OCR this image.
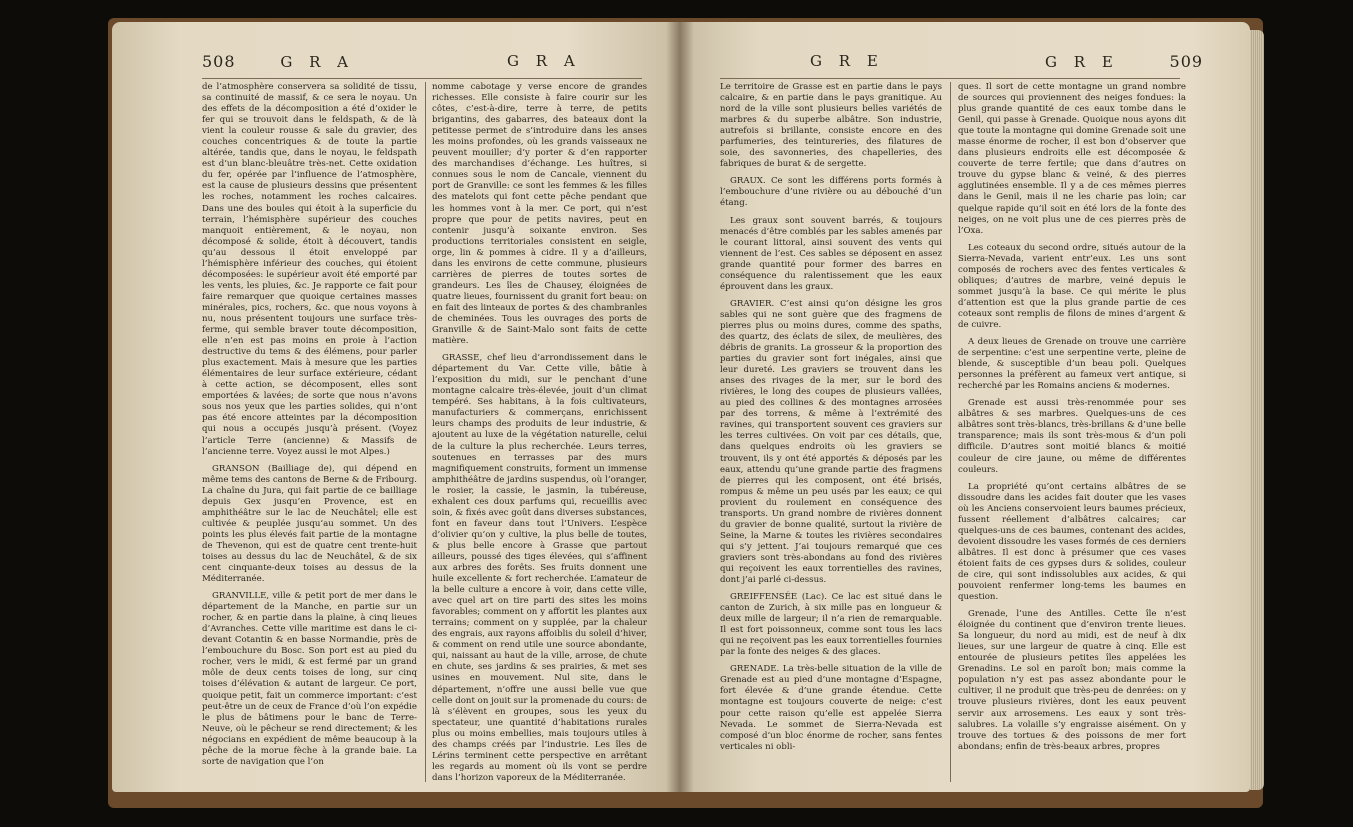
508	G R A	G R A

de l’atmosphère conservera sa solidité de tissu, sa continuité de massif, & ce sera le noyau. Un des effets de la décomposition a été d’oxider le fer qui se trouvoit dans le feldspath, & de là vient la couleur rousse & sale du gravier, des couches concentriques & de toute la partie altérée, tandis que, dans le noyau, le feldspath est d’un blanc-bleuâtre très-net. Cette oxidation du fer, opérée par l’influence de l’atmosphère, est la cause de plusieurs dessins que présentent les roches, notamment les roches calcaires. Dans une des boules qui étoit à la superficie du terrain, l’hémisphère supérieur des couches manquoit entièrement, & le noyau, non décomposé & solide, étoit à découvert, tandis qu’au dessous il étoit enveloppé par l’hémisphère inférieur des couches, qui étoient décomposées: le supérieur avoit été emporté par les vents, les pluies, &c. Je rapporte ce fait pour faire remarquer que quoique certaines masses minérales, pics, rochers, &c. que nous voyons à nu, nous présentent toujours une surface très-ferme, qui semble braver toute décomposition, elle n’en est pas moins en proie à l’action destructive du tems & des élémens, pour parler plus exactement. Mais à mesure que les parties élémentaires de leur surface extérieure, cédant à cette action, se décomposent, elles sont emportées & lavées; de sorte que nous n’avons sous nos yeux que les parties solides, qui n’ont pas été encore atteintes par la décomposition qui nous a occupés jusqu’à présent. (Voyez l’article Terre (ancienne) & Massifs de l’ancienne terre. Voyez aussi le mot Alpes.)

GRANSON (Bailliage de), qui dépend en même tems des cantons de Berne & de Fribourg. La chaîne du Jura, qui fait partie de ce bailliage depuis Gex jusqu’en Provence, est en amphithéâtre sur le lac de Neuchâtel; elle est cultivée & peuplée jusqu’au sommet. Un des points les plus élevés fait partie de la montagne de Thevenon, qui est de quatre cent trente-huit toises au dessus du lac de Neuchâtel, & de six cent cinquante-deux toises au dessus de la Méditerranée.

GRANVILLE, ville & petit port de mer dans le département de la Manche, en partie sur un rocher, & en partie dans la plaine, à cinq lieues d’Avranches. Cette ville maritime est dans le ci-devant Cotantin & en basse Normandie, près de l’embouchure du Bosc. Son port est au pied du rocher, vers le midi, & est fermé par un grand môle de deux cents toises de long, sur cinq toises d’élévation & autant de largeur. Ce port, quoique petit, fait un commerce important: c’est peut-être un de ceux de France d’où l’on expédie le plus de bâtimens pour le banc de Terre-Neuve, où le pêcheur se rend directement; & les négocians en expédient de même beaucoup à la pêche de la morue fèche à la grande baie. La sorte de navigation que l’on

nomme cabotage y verse encore de grandes richesses. Elle consiste à faire courir sur les côtes, c’est-à-dire, terre à terre, de petits brigantins, des gabarres, des bateaux dont la petitesse permet de s’introduire dans les anses les moins profondes, où les grands vaisseaux ne peuvent mouiller; d’y porter & d’en rapporter des marchandises d’échange. Les huîtres, si connues sous le nom de Cancale, viennent du port de Granville: ce sont les femmes & les filles des matelots qui font cette pêche pendant que les hommes vont à la mer. Ce port, qui n’est propre que pour de petits navires, peut en contenir jusqu’à soixante environ. Ses productions territoriales consistent en seigle, orge, lin & pommes à cidre. Il y a d’ailleurs, dans les environs de cette commune, plusieurs carrières de pierres de toutes sortes de grandeurs. Les îles de Chausey, éloignées de quatre lieues, fournissent du granit fort beau: on en fait des linteaux de portes & des chambranles de cheminées. Tous les ouvrages des ports de Granville & de Saint-Malo sont faits de cette matière.

GRASSE, chef lieu d’arrondissement dans le département du Var. Cette ville, bâtie à l’exposition du midi, sur le penchant d’une montagne calcaire très-élevée, jouit d’un climat tempéré. Ses habitans, à la fois cultivateurs, manufacturiers & commerçans, enrichissent leurs champs des produits de leur industrie, & ajoutent au luxe de la végétation naturelle, celui de la culture la plus recherchée. Leurs terres, soutenues en terrasses par des murs magnifiquement construits, forment un immense amphithéâtre de jardins suspendus, où l’oranger, le rosier, la cassie, le jasmin, la tubéreuse, exhalent ces doux parfums qui, recueillis avec soin, & fixés avec goût dans diverses substances, font en faveur dans tout l’Univers. L’espèce d’olivier qu’on y cultive, la plus belle de toutes, & plus belle encore à Grasse que partout ailleurs, poussé des tiges élevées, qui s’affinent aux arbres des forêts. Ses fruits donnent une huile excellente & fort recherchée. L’amateur de la belle culture a encore à voir, dans cette ville, avec quel art on tire parti des sites les moins favorables; comment on y affortit les plantes aux terrains; comment on y supplée, par la chaleur des engrais, aux rayons affoiblis du soleil d’hiver, & comment on rend utile une source abondante, qui, naissant au haut de la ville, arrose, de chute en chute, ses jardins & ses prairies, & met ses usines en mouvement. Nul site, dans le département, n’offre une aussi belle vue que celle dont on jouit sur la promenade du cours: de là s’élèvent en groupes, sous les yeux du spectateur, une quantité d’habitations rurales plus ou moins embellies, mais toujours utiles à des champs créés par l’industrie. Les îles de Lérins terminent cette perspective en arrêtant les regards au moment où ils vont se perdre dans l’horizon vaporeux de la Méditerranée.

G R E	G R E	509

Le territoire de Grasse est en partie dans le pays calcaire, & en partie dans le pays granitique. Au nord de la ville sont plusieurs belles variétés de marbres & du superbe albâtre. Son industrie, autrefois si brillante, consiste encore en des parfumeries, des teintureries, des filatures de soie, des savonneries, des chapelleries, des fabriques de burat & de sergette.

GRAUX. Ce sont les différens ports formés à l’embouchure d’une rivière ou au débouché d’un étang.

Les graux sont souvent barrés, & toujours menacés d’être comblés par les sables amenés par le courant littoral, ainsi souvent des vents qui viennent de l’est. Ces sables se déposent en assez grande quantité pour former des barres en conséquence du ralentissement que les eaux éprouvent dans les graux.

GRAVIER. C’est ainsi qu’on désigne les gros sables qui ne sont guère que des fragmens de pierres plus ou moins dures, comme des spaths, des quartz, des éclats de silex, de meulières, des débris de granits. La grosseur & la proportion des parties du gravier sont fort inégales, ainsi que leur dureté. Les graviers se trouvent dans les anses des rivages de la mer, sur le bord des rivières, le long des coupes de plusieurs vallées, au pied des collines & des montagnes arrosées par des torrens, & même à l’extrémité des ravines, qui transportent souvent ces graviers sur les terres cultivées. On voit par ces détails, que, dans quelques endroits où les graviers se trouvent, ils y ont été apportés & déposés par les eaux, attendu qu’une grande partie des fragmens de pierres qui les composent, ont été brisés, rompus & même un peu usés par les eaux; ce qui provient du roulement en conséquence des transports. Un grand nombre de rivières donnent du gravier de bonne qualité, surtout la rivière de Seine, la Marne & toutes les rivières secondaires qui s’y jettent. J’ai toujours remarqué que ces graviers sont très-abondans au fond des rivières qui reçoivent les eaux torrentielles des ravines, dont j’ai parlé ci-dessus.

GREIFFENSÉE (Lac). Ce lac est situé dans le canton de Zurich, à six mille pas en longueur & deux mille de largeur; il n’a rien de remarquable. Il est fort poissonneux, comme sont tous les lacs qui ne reçoivent pas les eaux torrentielles fournies par la fonte des neiges & des glaces.

GRENADE. La très-belle situation de la ville de Grenade est au pied d’une montagne d’Espagne, fort élevée & d’une grande étendue. Cette montagne est toujours couverte de neige: c’est pour cette raison qu’elle est appelée Sierra Nevada. Le sommet de Sierra-Nevada est composé d’un bloc énorme de rocher, sans fentes verticales ni obli-

ques. Il sort de cette montagne un grand nombre de sources qui proviennent des neiges fondues: la plus grande quantité de ces eaux tombe dans le Genil, qui passe à Grenade. Quoique nous ayons dit que toute la montagne qui domine Grenade soit une masse énorme de rocher, il est bon d’observer que dans plusieurs endroits elle est décomposée & couverte de terre fertile; que dans d’autres on trouve du gypse blanc & veiné, & des pierres agglutinées ensemble. Il y a de ces mêmes pierres dans le Genil, mais il ne les charie pas loin; car quelque rapide qu’il soit en été lors de la fonte des neiges, on ne voit plus une de ces pierres près de l’Oxa.

Les coteaux du second ordre, situés autour de la Sierra-Nevada, varient entr’eux. Les uns sont composés de rochers avec des fentes verticales & obliques; d’autres de marbre, veiné depuis le sommet jusqu’à la base. Ce qui mérite le plus d’attention est que la plus grande partie de ces coteaux sont remplis de filons de mines d’argent & de cuivre.

A deux lieues de Grenade on trouve une carrière de serpentine: c’est une serpentine verte, pleine de blende, & susceptible d’un beau poli. Quelques personnes la préfèrent au fameux vert antique, si recherché par les Romains anciens & modernes.

Grenade est aussi très-renommée pour ses albâtres & ses marbres. Quelques-uns de ces albâtres sont très-blancs, très-brillans & d’une belle transparence; mais ils sont très-mous & d’un poli difficile. D’autres sont moitié blancs & moitié couleur de cire jaune, ou même de différentes couleurs.

La propriété qu’ont certains albâtres de se dissoudre dans les acides fait douter que les vases où les Anciens conservoient leurs baumes précieux, fussent réellement d’albâtres calcaires; car quelques-uns de ces baumes, contenant des acides, devoient dissoudre les vases formés de ces derniers albâtres. Il est donc à présumer que ces vases étoient faits de ces gypses durs & solides, couleur de cire, qui sont indissolubles aux acides, & qui pouvoient renfermer long-tems les baumes en question.

Grenade, l’une des Antilles. Cette île n’est éloignée du continent que d’environ trente lieues. Sa longueur, du nord au midi, est de neuf à dix lieues, sur une largeur de quatre à cinq. Elle est entourée de plusieurs petites îles appelées les Grenadins. Le sol en paroît bon; mais comme la population n’y est pas assez abondante pour le cultiver, il ne produit que très-peu de denrées: on y trouve plusieurs rivières, dont les eaux peuvent servir aux arrosemens. Les eaux y sont très-salubres. La volaille s’y engraisse aisément. On y trouve des tortues & des poissons de mer fort abondans; enfin de très-beaux arbres, propres
